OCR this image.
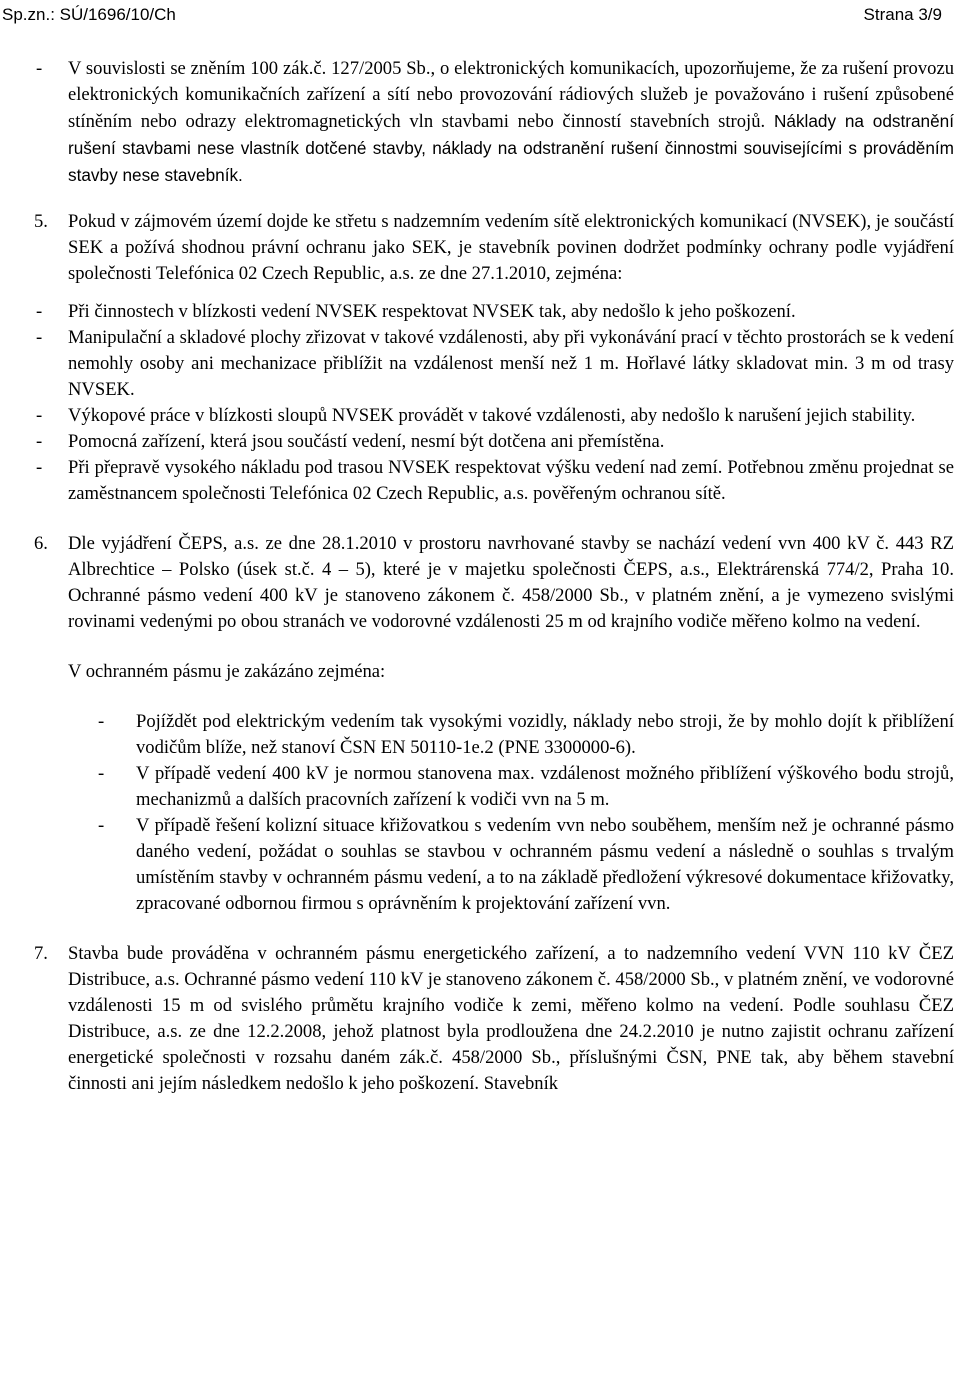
Sp.zn.: SÚ/1696/10/Ch	Strana 3/9
- V souvislosti se zněním 100 zák.č. 127/2005 Sb., o elektronických komunikacích, upozorňujeme, že za rušení provozu elektronických komunikačních zařízení a sítí nebo provozování rádiových služeb je považováno i rušení způsobené stíněním nebo odrazy elektromagnetických vln stavbami nebo činností stavebních strojů. Náklady na odstranění rušení stavbami nese vlastník dotčené stavby, náklady na odstranění rušení činnostmi souvisejícími s prováděním stavby nese stavebník.
5. Pokud v zájmovém území dojde ke střetu s nadzemním vedením sítě elektronických komunikací (NVSEK), je součástí SEK a požívá shodnou právní ochranu jako SEK, je stavebník povinen dodržet podmínky ochrany podle vyjádření společnosti Telefónica 02 Czech Republic, a.s. ze dne 27.1.2010, zejména:
- Při činnostech v blízkosti vedení NVSEK respektovat NVSEK tak, aby nedošlo k jeho poškození.
- Manipulační a skladové plochy zřizovat v takové vzdálenosti, aby při vykonávání prací v těchto prostorách se k vedení nemohly osoby ani mechanizace přiblížit na vzdálenost menší než 1 m. Hořlavé látky skladovat min. 3 m od trasy NVSEK.
- Výkopové práce v blízkosti sloupů NVSEK provádět v takové vzdálenosti, aby nedošlo k narušení jejich stability.
- Pomocná zařízení, která jsou součástí vedení, nesmí být dotčena ani přemístěna.
- Při přepravě vysokého nákladu pod trasou NVSEK respektovat výšku vedení nad zemí. Potřebnou změnu projednat se zaměstnancem společnosti Telefónica 02 Czech Republic, a.s. pověřeným ochranou sítě.
6. Dle vyjádření ČEPS, a.s. ze dne 28.1.2010 v prostoru navrhované stavby se nachází vedení vvn 400 kV č. 443 RZ Albrechtice – Polsko (úsek st.č. 4 – 5), které je v majetku společnosti ČEPS, a.s., Elektrárenská 774/2, Praha 10. Ochranné pásmo vedení 400 kV je stanoveno zákonem č. 458/2000 Sb., v platném znění, a je vymezeno svislými rovinami vedenými po obou stranách ve vodorovné vzdálenosti 25 m od krajního vodiče měřeno kolmo na vedení.
V ochranném pásmu je zakázáno zejména:
- Pojíždět pod elektrickým vedením tak vysokými vozidly, náklady nebo stroji, že by mohlo dojít k přiblížení vodičům blíže, než stanoví ČSN EN 50110-1e.2 (PNE 3300000-6).
- V případě vedení 400 kV je normou stanovena max. vzdálenost možného přiblížení výškového bodu strojů, mechanizmů a dalších pracovních zařízení k vodiči vvn na 5 m.
- V případě řešení kolizní situace křižovatkou s vedením vvn nebo souběhem, menším než je ochranné pásmo daného vedení, požádat o souhlas se stavbou v ochranném pásmu vedení a následně o souhlas s trvalým umístěním stavby v ochranném pásmu vedení, a to na základě předložení výkresové dokumentace křižovatky, zpracované odbornou firmou s oprávněním k projektování zařízení vvn.
7. Stavba bude prováděna v ochranném pásmu energetického zařízení, a to nadzemního vedení VVN 110 kV ČEZ Distribuce, a.s. Ochranné pásmo vedení 110 kV je stanoveno zákonem č. 458/2000 Sb., v platném znění, ve vodorovné vzdálenosti 15 m od svislého průmětu krajního vodiče k zemi, měřeno kolmo na vedení. Podle souhlasu ČEZ Distribuce, a.s. ze dne 12.2.2008, jehož platnost byla prodloužena dne 24.2.2010 je nutno zajistit ochranu zařízení energetické společnosti v rozsahu daném zák.č. 458/2000 Sb., příslušnými ČSN, PNE tak, aby během stavební činnosti ani jejím následkem nedošlo k jeho poškození. Stavebník
